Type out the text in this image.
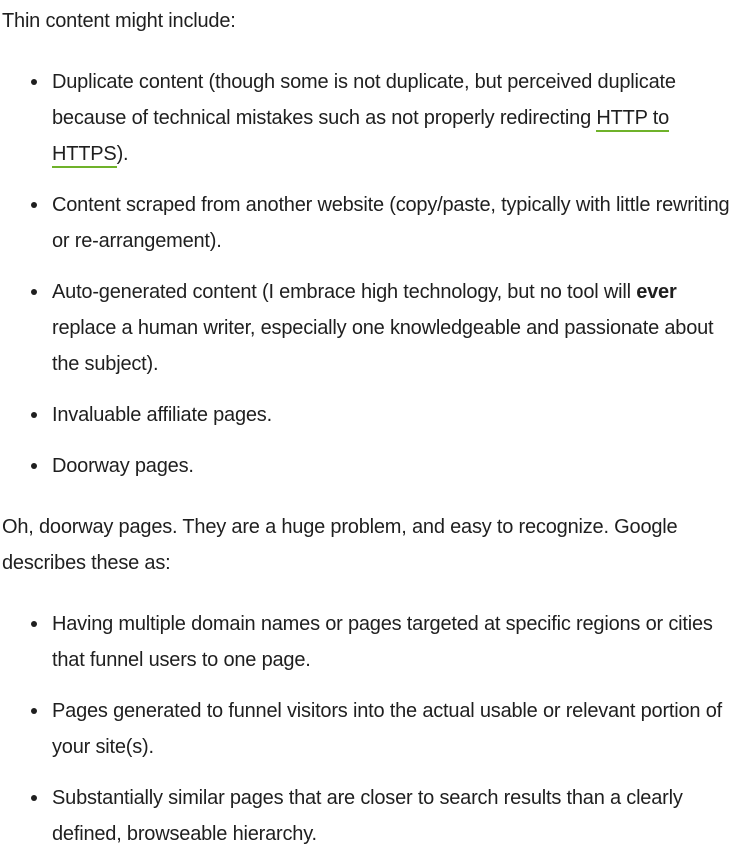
Thin content might include:

Duplicate content (though some is not duplicate, but perceived duplicate because of technical mistakes such as not properly redirecting HTTP to HTTPS).
Content scraped from another website (copy/paste, typically with little rewriting or re-arrangement).
Auto-generated content (I embrace high technology, but no tool will ever replace a human writer, especially one knowledgeable and passionate about the subject).
Invaluable affiliate pages.
Doorway pages.

Oh, doorway pages. They are a huge problem, and easy to recognize. Google describes these as:

Having multiple domain names or pages targeted at specific regions or cities that funnel users to one page.
Pages generated to funnel visitors into the actual usable or relevant portion of your site(s).
Substantially similar pages that are closer to search results than a clearly defined, browseable hierarchy.
